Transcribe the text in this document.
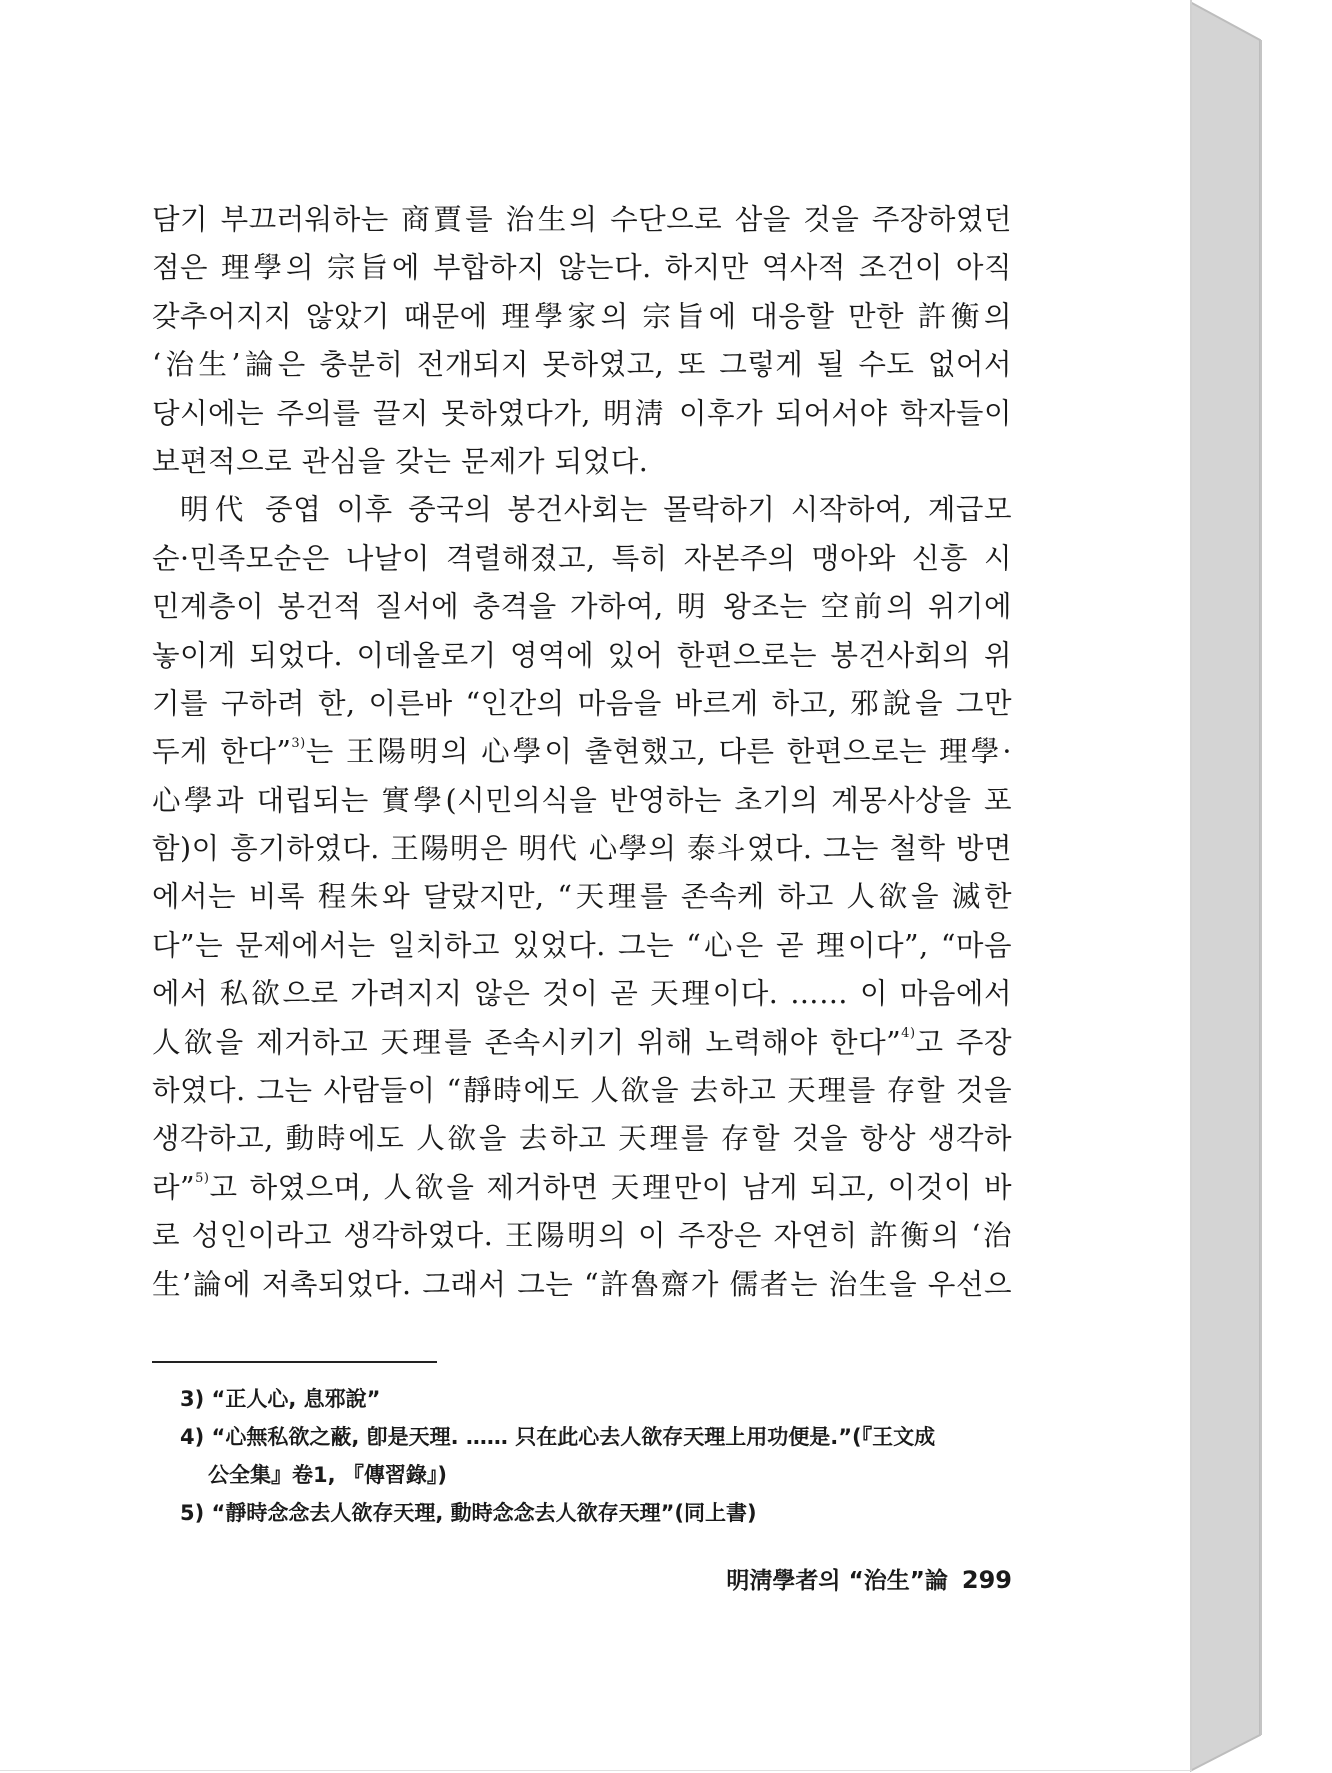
담기 부끄러워하는 商賈를 治生의 수단으로 삼을 것을 주장하였던
점은 理學의 宗旨에 부합하지 않는다. 하지만 역사적 조건이 아직
갖추어지지 않았기 때문에 理學家의 宗旨에 대응할 만한 許衡의
‘治生’論은 충분히 전개되지 못하였고, 또 그렇게 될 수도 없어서
당시에는 주의를 끌지 못하였다가, 明淸 이후가 되어서야 학자들이
보편적으로 관심을 갖는 문제가 되었다.
明代 중엽 이후 중국의 봉건사회는 몰락하기 시작하여, 계급모
순·민족모순은 나날이 격렬해졌고, 특히 자본주의 맹아와 신흥 시
민계층이 봉건적 질서에 충격을 가하여, 明 왕조는 空前의 위기에
놓이게 되었다. 이데올로기 영역에 있어 한편으로는 봉건사회의 위
기를 구하려 한, 이른바 “인간의 마음을 바르게 하고, 邪說을 그만
두게 한다”$^{3)}$는 王陽明의 心學이 출현했고, 다른 한편으로는 理學·
心學과 대립되는 實學(시민의식을 반영하는 초기의 계몽사상을 포
함)이 흥기하였다. 王陽明은 明代 心學의 泰斗였다. 그는 철학 방면
에서는 비록 程朱와 달랐지만, “天理를 존속케 하고 人欲을 滅한
다”는 문제에서는 일치하고 있었다. 그는 “心은 곧 理이다”, “마음
에서 私欲으로 가려지지 않은 것이 곧 天理이다. …… 이 마음에서
人欲을 제거하고 天理를 존속시키기 위해 노력해야 한다”$^{4)}$고 주장
하였다. 그는 사람들이 “靜時에도 人欲을 去하고 天理를 存할 것을
생각하고, 動時에도 人欲을 去하고 天理를 存할 것을 항상 생각하
라”$^{5)}$고 하였으며, 人欲을 제거하면 天理만이 남게 되고, 이것이 바
로 성인이라고 생각하였다. 王陽明의 이 주장은 자연히 許衡의 ‘治
生’論에 저촉되었다. 그래서 그는 “許魯齋가 儒者는 治生을 우선으
3) “正人心, 息邪說”
4) “心無私欲之蔽, 卽是天理. …… 只在此心去人欲存天理上用功便是.”(『王文成
公全集』卷1, 『傳習錄』)
5) “靜時念念去人欲存天理, 動時念念去人欲存天理”(同上書)
明淸學者의 “治生”論 299
